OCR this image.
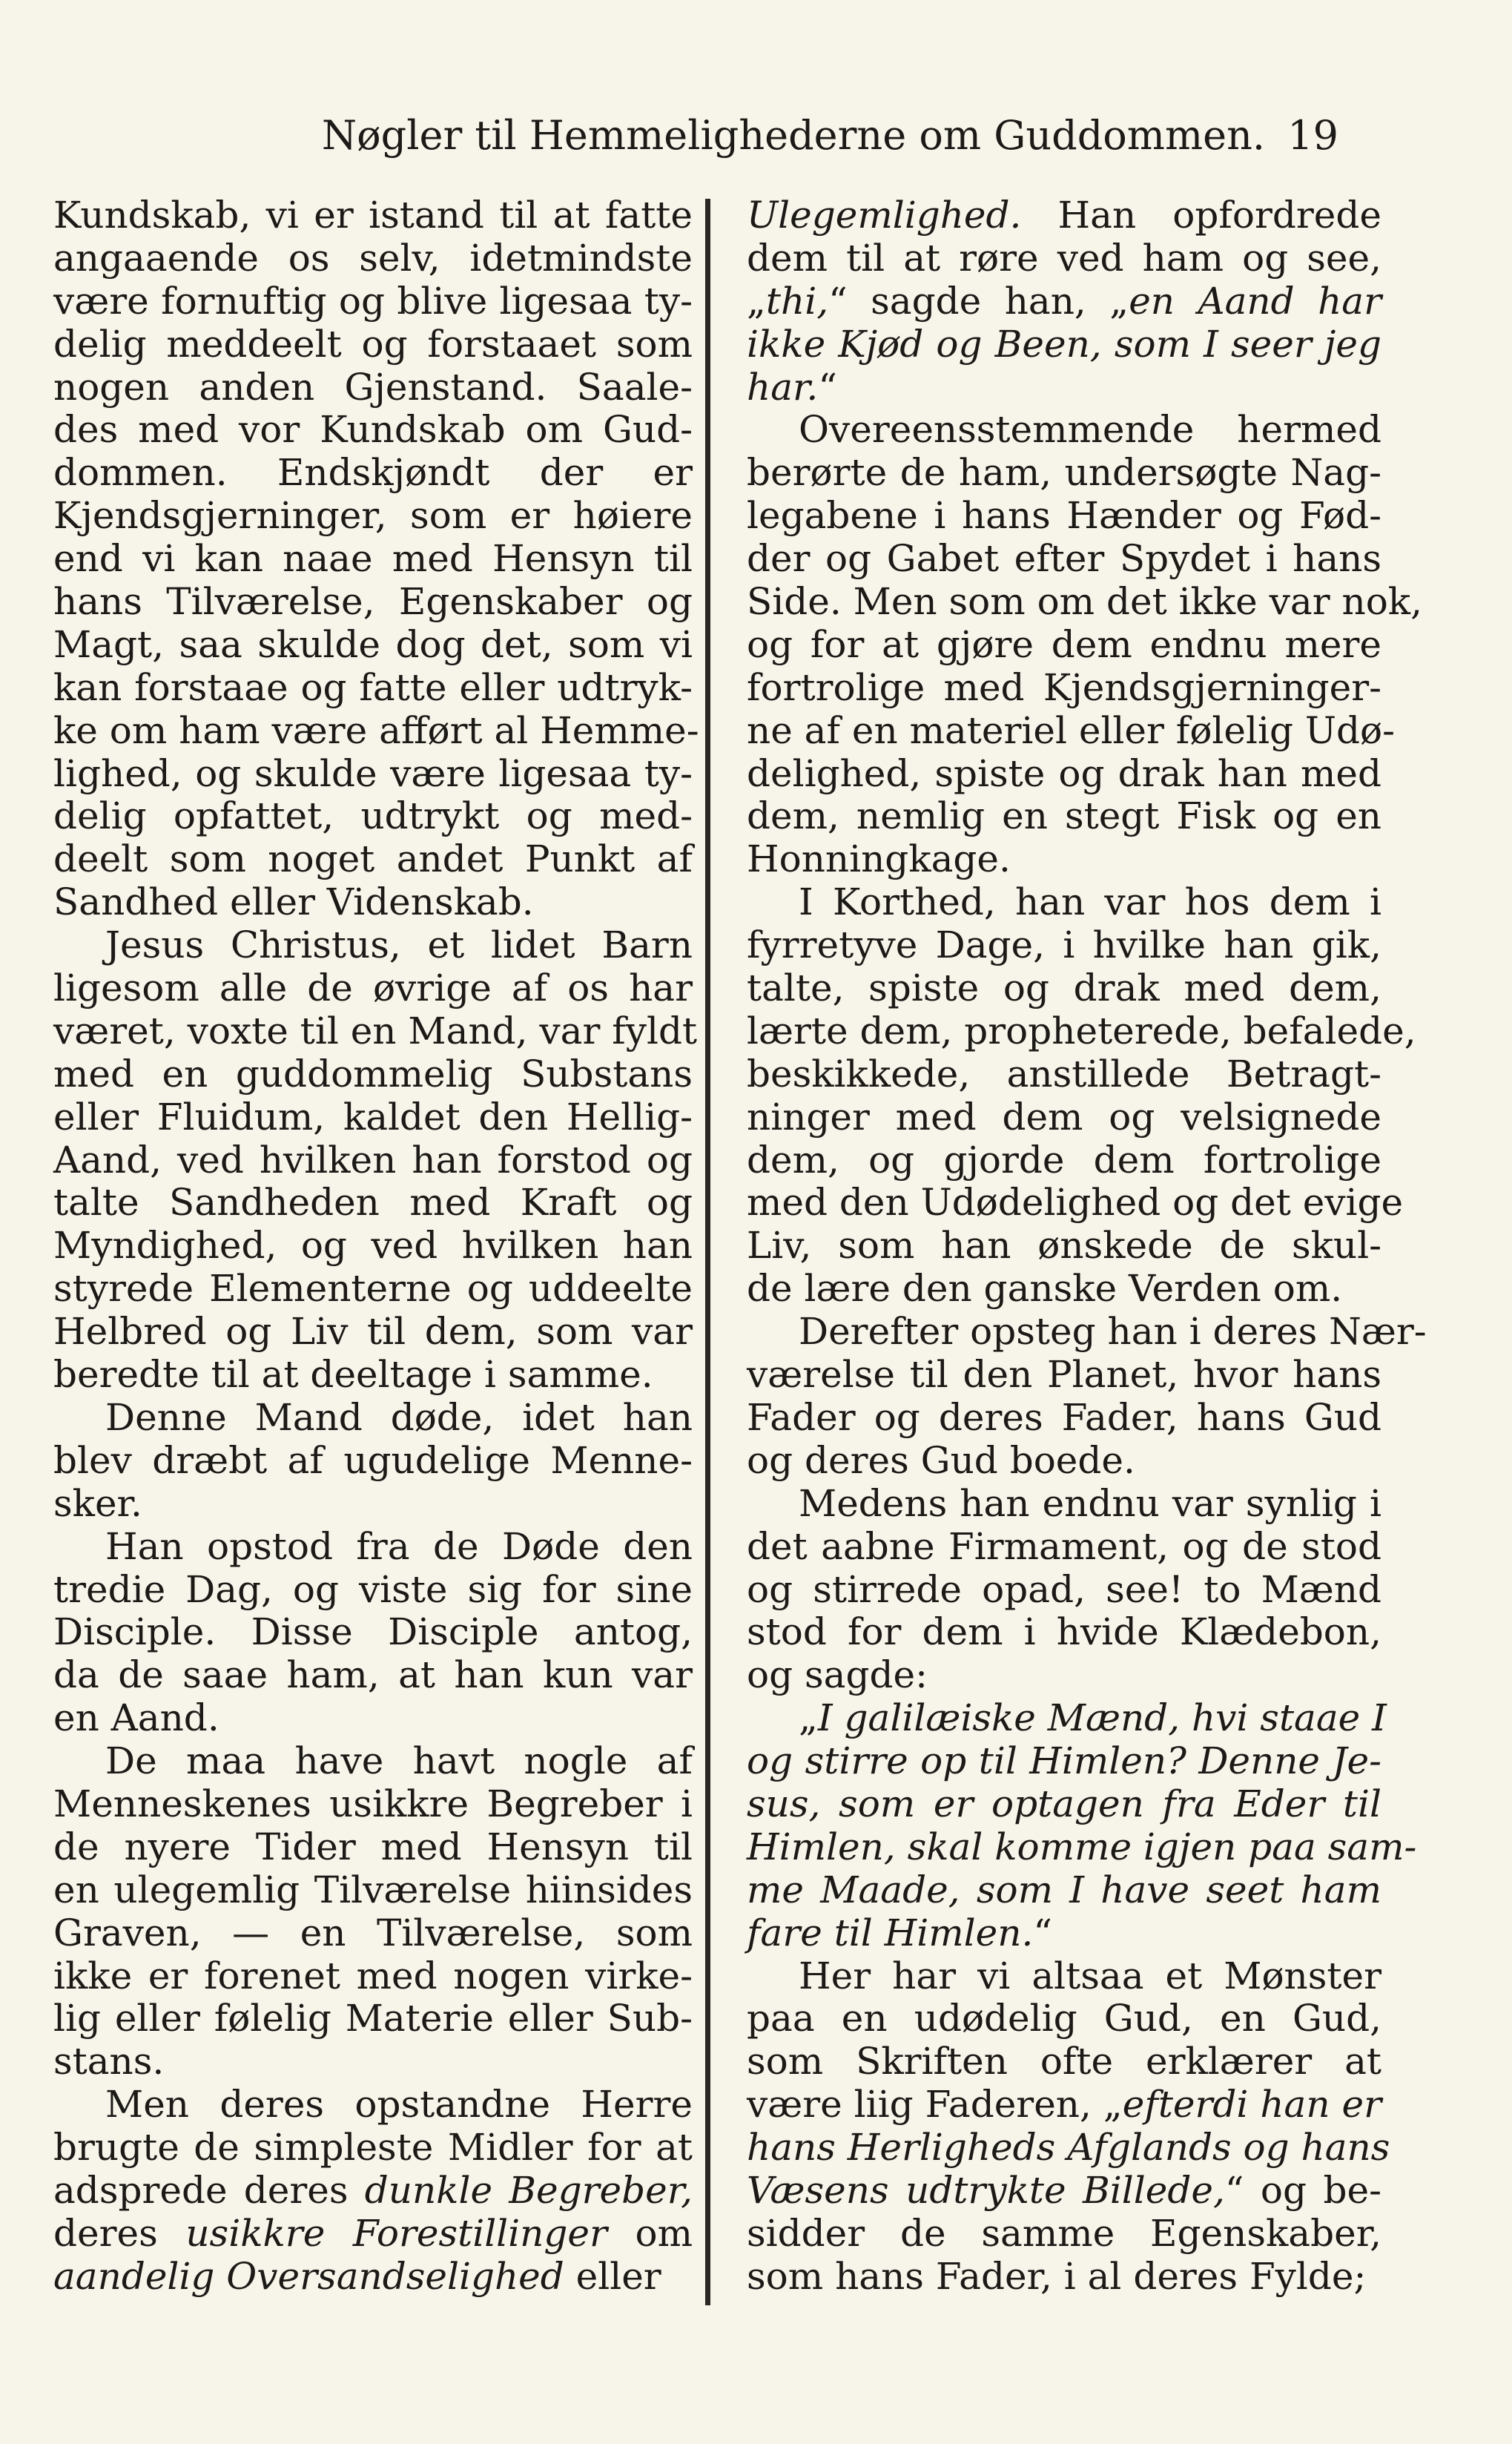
Nøgler til Hemmelighederne om Guddommen. 19
Kundskab, vi er istand til at fatte
angaaende os selv, idetmindste
være fornuftig og blive ligesaa ty-
delig meddeelt og forstaaet som
nogen anden Gjenstand. Saale-
des med vor Kundskab om Gud-
dommen. Endskjøndt der er
Kjendsgjerninger, som er høiere
end vi kan naae med Hensyn til
hans Tilværelse, Egenskaber og
Magt, saa skulde dog det, som vi
kan forstaae og fatte eller udtryk-
ke om ham være afført al Hemme-
lighed, og skulde være ligesaa ty-
delig opfattet, udtrykt og med-
deelt som noget andet Punkt af
Sandhed eller Videnskab.
Jesus Christus, et lidet Barn
ligesom alle de øvrige af os har
været, voxte til en Mand, var fyldt
med en guddommelig Substans
eller Fluidum, kaldet den Hellig-
Aand, ved hvilken han forstod og
talte Sandheden med Kraft og
Myndighed, og ved hvilken han
styrede Elementerne og uddeelte
Helbred og Liv til dem, som var
beredte til at deeltage i samme.
Denne Mand døde, idet han
blev dræbt af ugudelige Menne-
sker.
Han opstod fra de Døde den
tredie Dag, og viste sig for sine
Disciple. Disse Disciple antog,
da de saae ham, at han kun var
en Aand.
De maa have havt nogle af
Menneskenes usikkre Begreber i
de nyere Tider med Hensyn til
en ulegemlig Tilværelse hiinsides
Graven, — en Tilværelse, som
ikke er forenet med nogen virke-
lig eller følelig Materie eller Sub-
stans.
Men deres opstandne Herre
brugte de simpleste Midler for at
adsprede deres dunkle Begreber,
deres usikkre Forestillinger om
aandelig Oversandselighed eller
Ulegemlighed. Han opfordrede
dem til at røre ved ham og see,
„thi,“ sagde han, „en Aand har
ikke Kjød og Been, som I seer jeg
har.“
Overeensstemmende hermed
berørte de ham, undersøgte Nag-
legabene i hans Hænder og Fød-
der og Gabet efter Spydet i hans
Side. Men som om det ikke var nok,
og for at gjøre dem endnu mere
fortrolige med Kjendsgjerninger-
ne af en materiel eller følelig Udø-
delighed, spiste og drak han med
dem, nemlig en stegt Fisk og en
Honningkage.
I Korthed, han var hos dem i
fyrretyve Dage, i hvilke han gik,
talte, spiste og drak med dem,
lærte dem, propheterede, befalede,
beskikkede, anstillede Betragt-
ninger med dem og velsignede
dem, og gjorde dem fortrolige
med den Udødelighed og det evige
Liv, som han ønskede de skul-
de lære den ganske Verden om.
Derefter opsteg han i deres Nær-
værelse til den Planet, hvor hans
Fader og deres Fader, hans Gud
og deres Gud boede.
Medens han endnu var synlig i
det aabne Firmament, og de stod
og stirrede opad, see! to Mænd
stod for dem i hvide Klædebon,
og sagde:
„I galilæiske Mænd, hvi staae I
og stirre op til Himlen? Denne Je-
sus, som er optagen fra Eder til
Himlen, skal komme igjen paa sam-
me Maade, som I have seet ham
fare til Himlen.“
Her har vi altsaa et Mønster
paa en udødelig Gud, en Gud,
som Skriften ofte erklærer at
være liig Faderen, „efterdi han er
hans Herligheds Afglands og hans
Væsens udtrykte Billede,“ og be-
sidder de samme Egenskaber,
som hans Fader, i al deres Fylde;
